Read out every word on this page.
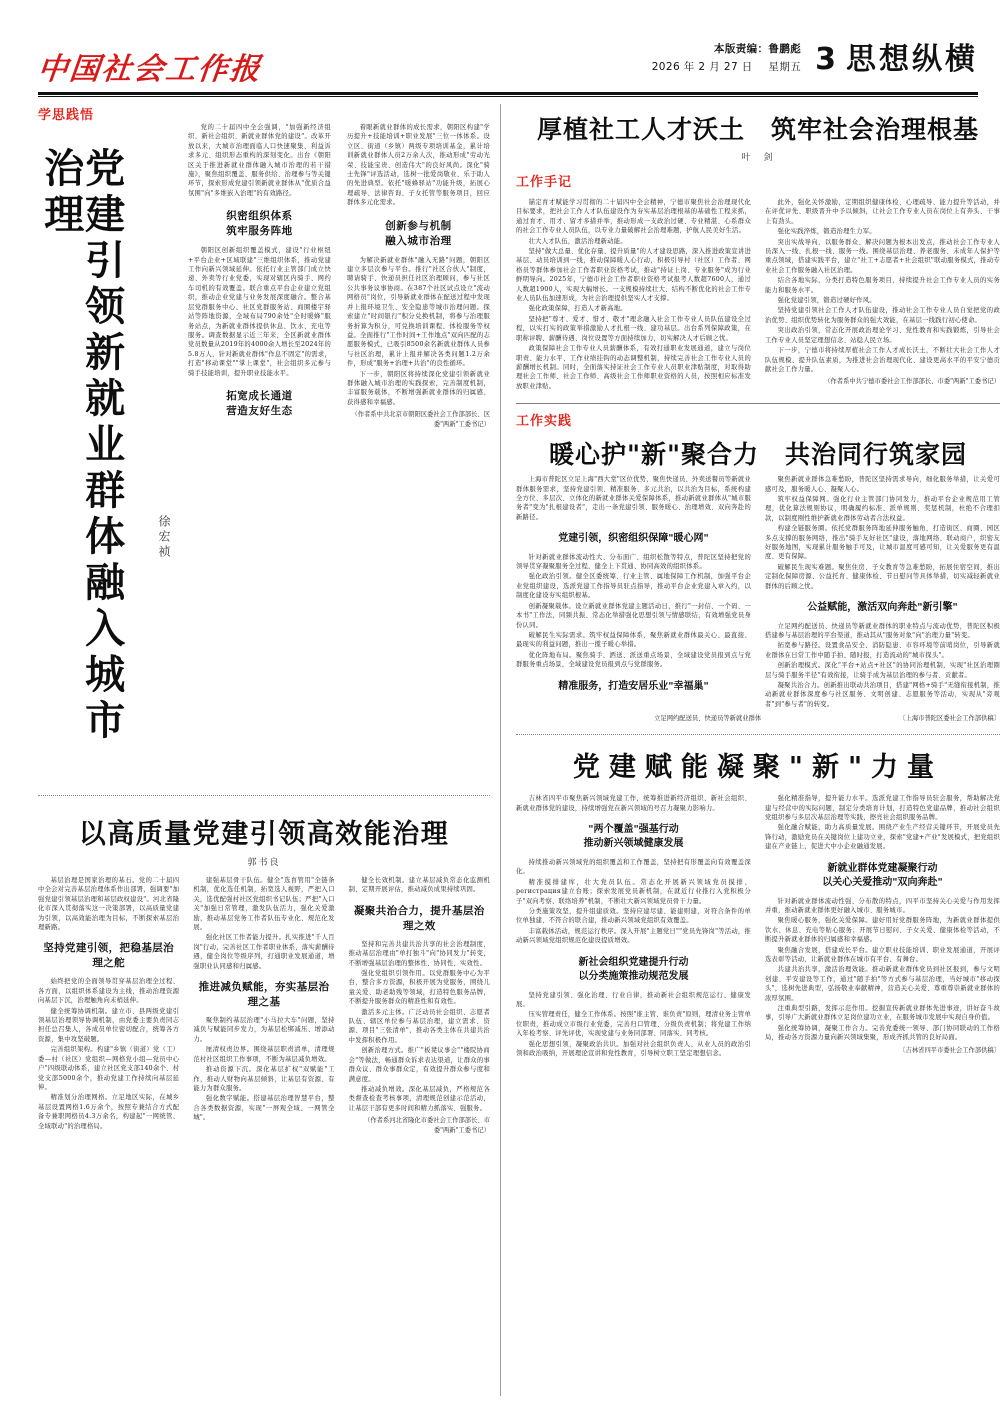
中国社会工作报
本版责编：鲁鹏彪
2026 年 2 月 27 日 星期五 3 思想纵横
学思践悟
党建引领新就业群体融入城市治理
徐宏祯

党的二十届四中全会强调，"加强新经济组织、新社会组织、新就业群体党的建设"。改革开放以来，大城市治理面临人口快速聚集、利益诉求多元、组织形态重构的深刻变化。出台《朝阳区关于推进新就业群体融入城市治理的若干措施》，聚焦组织覆盖、服务供给、治理参与等关键环节，探索形成党建引领新就业群体从"优质合益氛围"向"多维嵌入治理"的有效路径。

织密组织体系
筑牢服务阵地

朝阳区创新组织覆盖模式，建设"行业枢纽+平台企业+区域联建"三维组织体系，推动党建工作向新兴领域延伸。依托行业主管部门成立快递、外卖等行业党委，实现对辖区内骑手、网约车司机的有效覆盖。联合重点平台企业建立党组织，推动企业党建与业务发展深度融合。整合基层党群服务中心、社区党群服务站、商圈楼宇驿站等阵地资源，全域布局790余处"全时暖蜂"服务站点，为新就业群体提供休息、饮水、充电等服务。调查数据显示近三年来，全区新就业群体党员数量从2019年的4000余人增长至2024年的5.8万人，针对新就业群体"作息不固定"的需求，打造"移动课堂""掌上课堂"，社会组织多元参与骑手技能培训，提升职业技能水平。

拓宽成长通道
营造友好生态

着眼新就业群体的成长需求，朝阳区构建"学历提升+技能培训+职业发展"三位一体体系。设立区、街道（乡镇）两级专项培训基金，累计培训新就业群体人员2万余人次，推动形成"劳动光荣、技能宝贵、创造伟大"的良好风尚。深化"骑士先锋"评选活动，选树一批爱岗敬业、乐于助人的先进典型。依托"暖蜂驿站"功能升级，拓展心理疏导、法律咨询、子女托管等服务项目，回应群体多元化需求。

创新参与机制
融入城市治理

为解决新就业群体"融入无路"问题，朝阳区建立多层次参与平台。推行"社区合伙人"制度，聘请骑手、快递员担任社区治理顾问，参与社区公共事务议事协商。在387个社区试点设立"流动网格员"岗位，引导新就业群体在配送过程中发现并上报环境卫生、安全隐患等城市治理问题。探索建立"时间银行"积分兑换机制，将参与治理服务折算为积分，可兑换培训课程、体检服务等权益。全面推行"工作时间+工作地点"双向匹配的志愿服务模式，已吸引8500余名新就业群体人员参与社区治理，累计上报并解决各类问题1.2万余件，形成"服务+治理+共治"的良性循环。

下一步，朝阳区将持续深化党建引领新就业群体融入城市治理的实践探索，完善制度机制，丰富服务载体，不断增强新就业群体的归属感、获得感和幸福感。

（作者系中共北京市朝阳区委社会工作部部长、区委"两新"工委书记）
以高质量党建引领高效能治理
郭书良

基层治理是国家治理的基石。党的二十届四中全会对完善基层治理体系作出部署，强调要"加强党建引领基层治理和基层政权建设"。河北省隆化市深入贯彻落实这一决策部署，以高质量党建为引领，以高效能治理为目标，不断探索基层治理新路。

坚持党建引领，把稳基层治理之舵

始终把党的全面领导贯穿基层治理全过程、各方面，以组织体系建设为主线，推动治理资源向基层下沉，治理触角向末梢延伸。

健全统筹协调机制。建立市、县两级党建引领基层治理领导协调机制，由党委主要负责同志担任总召集人，各成员单位密切配合，统筹各方资源，集中攻坚破题。

完善组织架构。构建"乡镇（街道）党（工）委—村（社区）党组织—网格党小组—党员中心户"四级联动体系，建立社区党支部140余个、村党支部5000余个，推动党建工作持续向基层延伸。

精准划分治理网格。立足地区实际，在城乡基层设置网格1.6万余个，按照专兼结合方式配备专兼职网格员4.3万余名，构建起"一网统管、全域联动"的治理格局。

建强基层骨干队伍。健全"选育管用"全链条机制，优化选任机制，拓宽选人视野，严把入口关，选优配强村社区党组织书记队伍；严把"入口关"加强日常管理，激发队伍活力，强化关爱激励，推动基层党务工作者队伍专业化、规范化发展。

强化社区工作者能力提升。扎实推进"千人百岗"行动，完善社区工作者职业体系，落实薪酬待遇，健全岗位等级序列，打通职业发展通道，增强职业认同感和归属感。

推进减负赋能，夯实基层治理之基

聚焦制约基层治理"小马拉大车"问题，坚持减负与赋能同步发力，为基层松绑减压、增添动力。

厘清权责边界。围绕基层职责清单，清理规范村社区组织工作事项，不断为基层减负增效。

推动资源下沉。深化基层扩权"双赋能"工作，推动人财物向基层倾斜，让基层有资源、有能力为群众服务。

强化数字赋能。搭建基层治理智慧平台，整合各类数据资源，实现"一屏观全域、一网管全城"。

健全长效机制。建立基层减负常态化监测机制，定期开展评估，推动减负成果持续巩固。

凝聚共治合力，提升基层治理之效

坚持和完善共建共治共享的社会治理制度，推动基层治理由"单打独斗"向"协同发力"转变，不断增强基层治理的整体性、协同性、实效性。

强化党组织引领作用。以党群服务中心为平台，整合多方资源，积极开展为党服务，围绕儿童关爱、助老助残等领域，打造特色服务品牌，不断提升服务群众的精准性和有效性。

激活多元主体。广泛动员社会组织、志愿者队伍、辖区单位参与基层治理，建立需求、资源、项目"三张清单"，推动各类主体在共建共治中发挥积极作用。

创新治理方式。推广"板凳议事会""楼院协商会"等做法，畅通群众诉求表达渠道，让群众的事群众议、群众事群众定，有效提升群众参与度和满意度。

推动减负增效。深化基层减负，严格规范各类督查检查考核事项，清理规范创建示范活动，让基层干部有更多时间和精力抓落实、强服务。

（作者系河北省隆化市委社会工作部部长、市委"两新"工委书记）
厚植社工人才沃土　筑牢社会治理根基
叶　剑
工作手记

锚定育才赋能学习贯彻的二十届四中全会精神，宁德市聚焦社会治理现代化目标要求，把社会工作人才队伍建设作为夯实基层治理根基的基础性工程来抓，通过育才、用才、留才多措并举，推动形成一支政治过硬、专业精湛、心系群众的社会工作专业人员队伍，以专业力量破解社会治理难题，护航人民美好生活。

壮大人才队伍，激活治理新动能。

坚持"做大总量、优化存量、提升质量"的人才建设思路，深入推进政策宣讲进基层、动员培训到一线，推动保障暖人心行动，积极引导村（社区）工作者、网格员等群体参加社会工作者职业资格考试，推动"持证上岗、专业服务"成为行业鲜明导向。2025年，宁德市社会工作者职业资格考试报考人数超7600人，通过人数超1900人，实现大幅增长。一支规模持续壮大、结构不断优化的社会工作专业人员队伍加速形成，为社会治理提供坚实人才支撑。

强化政策保障，打造人才新高地。

坚持把"尊才、爱才、惜才、敬才"理念融入社会工作专业人员队伍建设全过程，以实打实的政策举措激励人才扎根一线、建功基层。出台系列保障政策，在职称评聘、薪酬待遇、岗位设置等方面持续加力，切实解决人才后顾之忧。

政策保障社会工作专业人员薪酬体系，有效打通职业发展通道，建立与岗位职责、能力水平、工作业绩挂钩的动态调整机制，持续完善社会工作专业人员的薪酬增长机制。同时，全面落实持证社会工作专业人员职业津贴制度，对取得助理社会工作师、社会工作师、高级社会工作师职业资格的人员，按照相应标准发放职业津贴。

此外，强化关怀激励，定期组织健康体检、心理疏导、能力提升等活动，并在评优评先、职级晋升中予以倾斜，让社会工作专业人员在岗位上有奔头、干事上有劲头。

强化实践淬炼，锻造治理生力军。

突出实战导向，以服务群众、解决问题为根本出发点，推动社会工作专业人员深入一线、扎根一线、服务一线。围绕基层治理、养老服务、未成年人保护等重点领域，搭建实践平台，建立"社工+志愿者+社会组织"联动服务模式，推动专业社会工作服务融入社区治理。

结合各地实际，分类打造特色服务项目，持续提升社会工作专业人员的实务能力和服务水平。

强化党建引领，锻造过硬好作风。

坚持党建引领社会工作人才队伍建设，推动社会工作专业人员自觉把党的政治优势、组织优势转化为服务群众的强大效能，在基层一线践行初心使命。

突出政治引领，常态化开展政治理论学习、党性教育和实践锻炼，引导社会工作专业人员坚定理想信念、站稳人民立场。

下一步，宁德市将持续厚植社会工作人才成长沃土，不断壮大社会工作人才队伍规模、提升队伍素质，为推进社会治理现代化、建设更高水平的平安宁德贡献社会工作力量。

（作者系中共宁德市委社会工作部部长、市委"两新"工委书记）
工作实践
暖心护"新"聚合力　共治同行筑家园

上海市普陀区立足上海"西大堂"区位优势，聚焦快递员、外卖送餐员等新就业群体服务需求，坚持党建引领、精准服务、多元共治，以共治为目标，系统构建全方位、多层次、立体化的新就业群体关爱保障体系，推动新就业群体从"城市服务者"变为"扎根建设者"，走出一条党建引领、服务暖心、治理增效、双向奔赴的新路径。

党建引领，织密组织保障"暖心网"

针对新就业群体流动性大、分布面广、组织松散等特点，普陀区坚持把党的领导贯穿凝聚服务全过程，健全上下贯通、协同高效的组织体系。

强化政治引领。健全区委统筹、行业主管、属地保障工作机制，加强平台企业党组织建设，选派党建工作指导员驻点指导，推动平台企业党建入章入约，以制度化建设夯实组织根基。

创新凝聚载体。设立新就业群体党建主题活动日，推行"一封信、一个码、一本书"工作法，同频共振、常态化举措强化思想引领与情感联结，有效增强党员身份认同。

破解民生实际需求。筑牢权益保障体系，聚焦新就业群体最关心、最直接、最现实的利益问题，推出一揽子暖心举措。

优化阵地布局。聚焦骑手、洒送、派送重点场景，全域建设党员报到点与党群服务重点场景，全域建设党员报到点与党群服务。

精准服务，打造安居乐业"幸福巢"

聚焦新就业群体急难愁盼，普陀区坚持需求导向，细化服务举措，让关爱可感可及，服务暖人心、凝聚人心。

筑牢权益保障网。强化行业主管部门协同发力，推动平台企业规范用工管理，优化算法规则协议，明确履约标准、派单规则、奖惩机制，杜绝不合理扣款，以制度刚性维护新就业群体劳动者合法权益。

构建全链服务圈。依托党群服务阵地延伸服务触角，打造街区、商圈、园区多点支撑的服务网络，推出"骑手友好社区"建设，落地网络、联动商户，织密友好服务地图，实现累计服务触手可及，让城市温度可感可知，让关爱服务更有温度、更有保障。

破解民生现实难题。聚焦住房、子女教育等急难愁盼，拓展住宿空间，推出定制化保障房源、公益托育、健康体检、节日慰问等具体举措，切实减轻新就业群体的后顾之忧。

公益赋能，激活双向奔赴"新引擎"

立足网约配送员、快递员等新就业群体的职业特点与流动优势，普陀区积极搭建参与基层治理的平台渠道，推动其从"服务对象"向"治理力量"转变。

拓宽参与路径。设置食品安全、消防隐患、市容环境等前哨岗位，引导新就业群体在日常工作中随手拍、随时报，打造流动的"城市探头"。

创新治理模式。深化"平台+站点+社区"的协同治理机制，实现"社区治理圈层与骑手服务半径"有效衔接，让骑手成为基层治理的参与者、贡献者。

凝聚共治合力。创新推出联动共治项目，搭建"网格+骑手"无缝衔接机制，推动新就业群体深度参与社区服务、文明创建、志愿服务等活动，实现从"旁观者"到"参与者"的转变。

立足网约配送员、快递员等新就业群体	〔上海市普陀区委社会工作部供稿〕
党建赋能凝聚"新"力量

吉林省四平市聚焦新兴领域党建工作，统筹推进新经济组织、新社会组织、新就业群体党的建设，持续增强党在新兴领域的号召力凝聚力影响力。

"两个覆盖"强基行动
推动新兴领域健康发展

持续推动新兴领域党的组织覆盖和工作覆盖，坚持把有形覆盖向有效覆盖深化。

精准摸排建库，壮大党员队伍。常态化开展新兴领域党员摸排、регистрация建立台账；探索发展党员新机制，在就近行业推行入党积极分子"双向考察、联络培养"机制，不断壮大新兴领域党员骨干力量。

分类施策攻坚，提升组建质效。坚持应建尽建、能建则建，对符合条件的单位单独建、不符合的联合建，推动新兴领域党组织有效覆盖。

丰富载体活动，规范运行秩序。深入开展"主题党日""党员先锋岗"等活动，推动新兴领域党组织规范化建设提质增效。

新社会组织党建提升行动
以分类施策推动规范发展

坚持党建引领、强化治理、行业自律，推动新社会组织规范运行、健康发展。

压实管理责任，健全工作体系。按照"谁主管、谁负责"原则，理清业务主管单位职责，推动成立市级行业党委，完善归口管理、分级负责机制；将党建工作纳入年检考察、评先评优，实现党建与业务同部署、同落实、同考核。

强化思想引领，凝聚政治共识。加强对社会组织负责人、从业人员的政治引领和政治吸纳，开展理论宣讲和党性教育，引导树立职工坚定理想信念。

强化精准指导，提升能力水平。选派党建工作指导员驻会服务，帮助解决党建与经营中的实际问题，制定分类培育计划，打造特色党建品牌，推动社会组织党组织参与多层次基层治理等实践，擦亮社会组织服务品牌。

强化融合赋能，助力高质量发展。围绕产业生产经营关键环节，开展党员先锋行动，激励党员在关键岗位上建功立业，探索"党建+产业"发展模式，把党组织建在产业链上，促进大中小企业融通发展。

新就业群体党建凝聚行动
以关心关爱推动"双向奔赴"

针对新就业群体流动性强、分布散的特点，四平市坚持关心关爱与作用发挥并重，推动新就业群体更好融入城市、服务城市。

聚焦暖心服务，强化关爱保障。建好用好党群服务阵地，为新就业群体提供饮水、休息、充电等贴心服务；开展节日慰问、子女关爱、健康体检等活动，不断提升新就业群体的归属感和幸福感。

聚焦融合发展，搭建成长平台。建立职业技能培训、职业发展通道，开展评选表彰等活动，让新就业群体在城市有平台、有舞台。

共建共治共享，激活治理效能。推动新就业群体党员到社区报到，参与文明创建、平安建设等工作，通过"随手拍"等方式参与基层治理，当好城市"移动探头"，选树先进典型，弘扬敬业奉献精神，营造关心关爱、尊重尊崇新就业群体的浓厚氛围。

注重典型引路，发挥示范作用。挖掘宣传新就业群体先进事迹，讲好奋斗故事，引导广大新就业群体立足岗位建功立业，在服务城市发展中实现自身价值。

强化统筹协调，凝聚工作合力。完善党委统一领导、部门协同联动的工作格局，推动各方资源力量向新兴领域集聚，形成齐抓共管的良好局面。

〔吉林省四平市委社会工作部供稿〕
